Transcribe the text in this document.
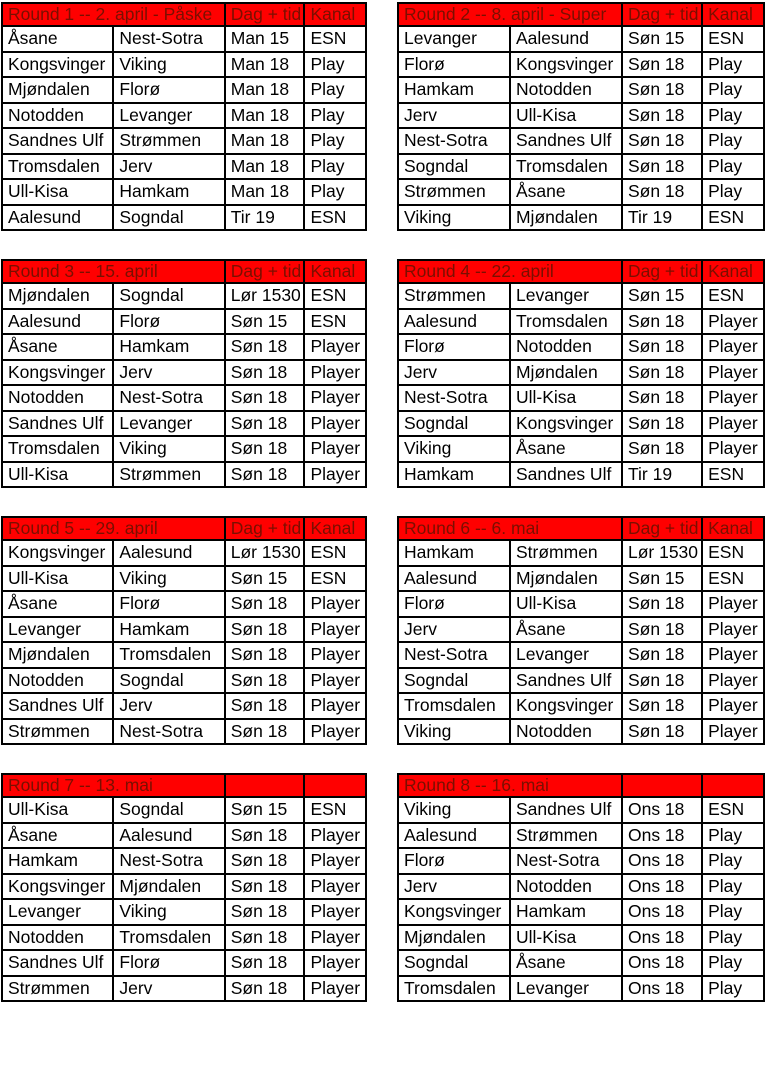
Round 1 -- 2. april - Påske		Dag + tid	Kanal
Åsane	Nest-Sotra	Man 15	ESN
Kongsvinger	Viking	Man 18	Play
Mjøndalen	Florø	Man 18	Play
Notodden	Levanger	Man 18	Play
Sandnes Ulf	Strømmen	Man 18	Play
Tromsdalen	Jerv	Man 18	Play
Ull-Kisa	Hamkam	Man 18	Play
Aalesund	Sogndal	Tir 19	ESN
Round 2 -- 8. april - Super		Dag + tid	Kanal
Levanger	Aalesund	Søn 15	ESN
Florø	Kongsvinger	Søn 18	Play
Hamkam	Notodden	Søn 18	Play
Jerv	Ull-Kisa	Søn 18	Play
Nest-Sotra	Sandnes Ulf	Søn 18	Play
Sogndal	Tromsdalen	Søn 18	Play
Strømmen	Åsane	Søn 18	Play
Viking	Mjøndalen	Tir 19	ESN
Round 3 -- 15. april		Dag + tid	Kanal
Mjøndalen	Sogndal	Lør 1530	ESN
Aalesund	Florø	Søn 15	ESN
Åsane	Hamkam	Søn 18	Player
Kongsvinger	Jerv	Søn 18	Player
Notodden	Nest-Sotra	Søn 18	Player
Sandnes Ulf	Levanger	Søn 18	Player
Tromsdalen	Viking	Søn 18	Player
Ull-Kisa	Strømmen	Søn 18	Player
Round 4 -- 22. april		Dag + tid	Kanal
Strømmen	Levanger	Søn 15	ESN
Aalesund	Tromsdalen	Søn 18	Player
Florø	Notodden	Søn 18	Player
Jerv	Mjøndalen	Søn 18	Player
Nest-Sotra	Ull-Kisa	Søn 18	Player
Sogndal	Kongsvinger	Søn 18	Player
Viking	Åsane	Søn 18	Player
Hamkam	Sandnes Ulf	Tir 19	ESN
Round 5 -- 29. april		Dag + tid	Kanal
Kongsvinger	Aalesund	Lør 1530	ESN
Ull-Kisa	Viking	Søn 15	ESN
Åsane	Florø	Søn 18	Player
Levanger	Hamkam	Søn 18	Player
Mjøndalen	Tromsdalen	Søn 18	Player
Notodden	Sogndal	Søn 18	Player
Sandnes Ulf	Jerv	Søn 18	Player
Strømmen	Nest-Sotra	Søn 18	Player
Round 6 -- 6. mai		Dag + tid	Kanal
Hamkam	Strømmen	Lør 1530	ESN
Aalesund	Mjøndalen	Søn 15	ESN
Florø	Ull-Kisa	Søn 18	Player
Jerv	Åsane	Søn 18	Player
Nest-Sotra	Levanger	Søn 18	Player
Sogndal	Sandnes Ulf	Søn 18	Player
Tromsdalen	Kongsvinger	Søn 18	Player
Viking	Notodden	Søn 18	Player
Round 7 -- 13. mai			
Ull-Kisa	Sogndal	Søn 15	ESN
Åsane	Aalesund	Søn 18	Player
Hamkam	Nest-Sotra	Søn 18	Player
Kongsvinger	Mjøndalen	Søn 18	Player
Levanger	Viking	Søn 18	Player
Notodden	Tromsdalen	Søn 18	Player
Sandnes Ulf	Florø	Søn 18	Player
Strømmen	Jerv	Søn 18	Player
Round 8 -- 16. mai			
Viking	Sandnes Ulf	Ons 18	ESN
Aalesund	Strømmen	Ons 18	Play
Florø	Nest-Sotra	Ons 18	Play
Jerv	Notodden	Ons 18	Play
Kongsvinger	Hamkam	Ons 18	Play
Mjøndalen	Ull-Kisa	Ons 18	Play
Sogndal	Åsane	Ons 18	Play
Tromsdalen	Levanger	Ons 18	Play
